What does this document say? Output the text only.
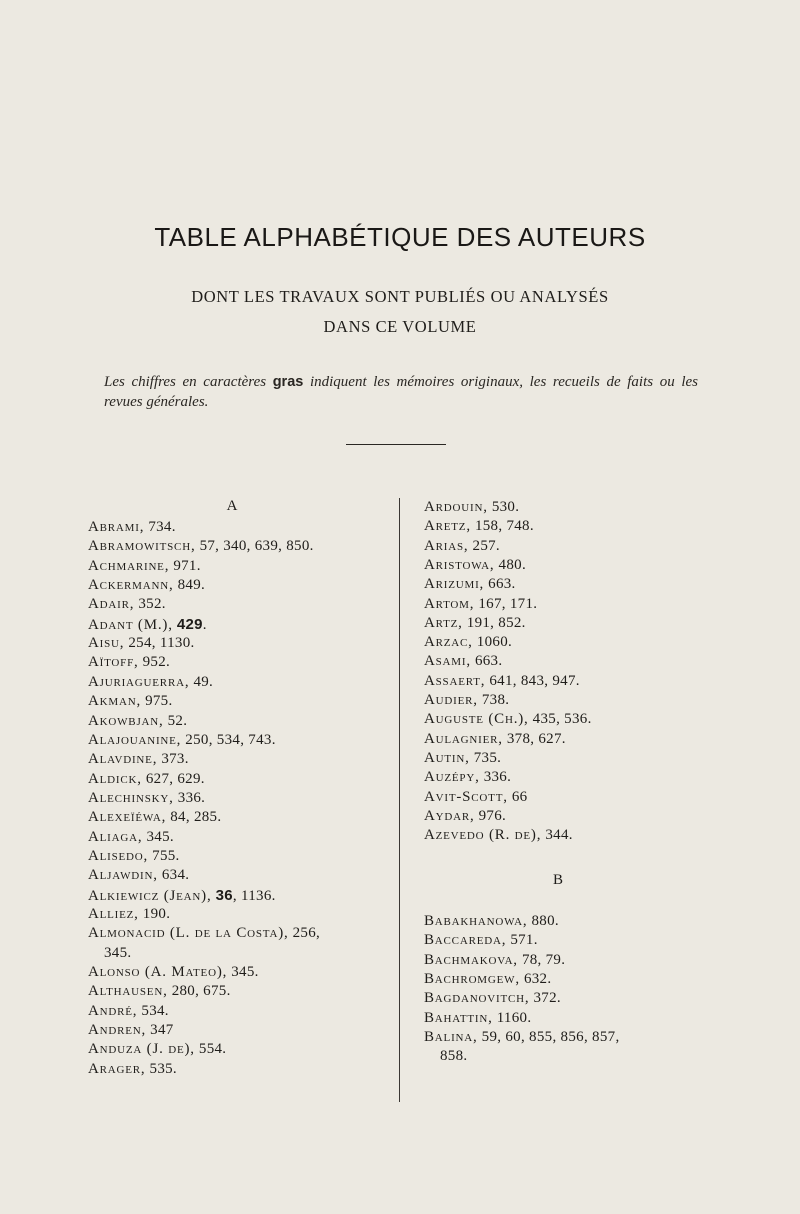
TABLE ALPHABÉTIQUE DES AUTEURS
DONT LES TRAVAUX SONT PUBLIÉS OU ANALYSÉS
DANS CE VOLUME
Les chiffres en caractères gras indiquent les mémoires originaux, les recueils de faits ou les revues générales.
A
Abrami, 734.
Abramowitsch, 57, 340, 639, 850.
Achmarine, 971.
Ackermann, 849.
Adair, 352.
Adant (M.), 429.
Aisu, 254, 1130.
Aïtoff, 952.
Ajuriaguerra, 49.
Akman, 975.
Akowbjan, 52.
Alajouanine, 250, 534, 743.
Alavdine, 373.
Aldick, 627, 629.
Alechinsky, 336.
Alexeïéwa, 84, 285.
Aliaga, 345.
Alisedo, 755.
Aljawdin, 634.
Alkiewicz (Jean), 36, 1136.
Alliez, 190.
Almonacid (L. de la Costa), 256,
345.
Alonso (A. Mateo), 345.
Althausen, 280, 675.
André, 534.
Andren, 347
Anduza (J. de), 554.
Arager, 535.
Ardouin, 530.
Aretz, 158, 748.
Arias, 257.
Aristowa, 480.
Arizumi, 663.
Artom, 167, 171.
Artz, 191, 852.
Arzac, 1060.
Asami, 663.
Assaert, 641, 843, 947.
Audier, 738.
Auguste (Ch.), 435, 536.
Aulagnier, 378, 627.
Autin, 735.
Auzépy, 336.
Avit-Scott, 66
Aydar, 976.
Azevedo (R. de), 344.
B
Babakhanowa, 880.
Baccareda, 571.
Bachmakova, 78, 79.
Bachromgew, 632.
Bagdanovitch, 372.
Bahattin, 1160.
Balina, 59, 60, 855, 856, 857,
858.
